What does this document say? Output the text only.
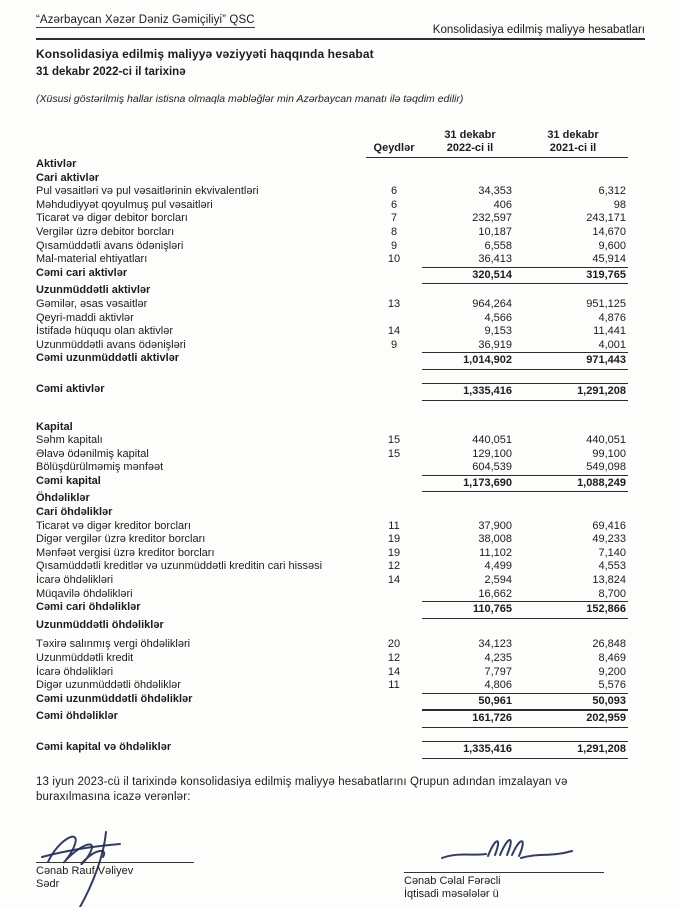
“Azərbaycan Xəzər Dəniz Gəmiçiliyi” QSC
Konsolidasiya edilmiş maliyyə hesabatları
Konsolidasiya edilmiş maliyyə vəziyyəti haqqında hesabat
31 dekabr 2022-ci il tarixinə
(Xüsusi göstərilmiş hallar istisna olmaqla məbləğlər min Azərbaycan manatı ilə təqdim edilir)
Qeydlər
31 dekabr 2022-ci il
31 dekabr 2021-ci il
Aktivlər
Cari aktivlər
Pul vəsaitləri və pul vəsaitlərinin ekvivalentləri	6	34,353	6,312
Məhdudiyyət qoyulmuş pul vəsaitləri	6	406	98
Ticarət və digər debitor borcları	7	232,597	243,171
Vergilər üzrə debitor borcları	8	10,187	14,670
Qısamüddətli avans ödənişləri	9	6,558	9,600
Mal-material ehtiyatları	10	36,413	45,914
Cəmi cari aktivlər	320,514	319,765
Uzunmüddətli aktivlər
Gəmilər, əsas vəsaitlər	13	964,264	951,125
Qeyri-maddi aktivlər	4,566	4,876
İstifadə hüququ olan aktivlər	14	9,153	11,441
Uzunmüddətli avans ödənişləri	9	36,919	4,001
Cəmi uzunmüddətli aktivlər	1,014,902	971,443
Cəmi aktivlər	1,335,416	1,291,208
Kapital
Səhm kapitalı	15	440,051	440,051
Əlavə ödənilmiş kapital	15	129,100	99,100
Bölüşdürülməmiş mənfəət	604,539	549,098
Cəmi kapital	1,173,690	1,088,249
Öhdəliklər
Cari öhdəliklər
Ticarət və digər kreditor borcları	11	37,900	69,416
Digər vergilər üzrə kreditor borcları	19	38,008	49,233
Mənfəət vergisi üzrə kreditor borcları	19	11,102	7,140
Qısamüddətli kreditlər və uzunmüddətli kreditin cari hissəsi	12	4,499	4,553
İcarə öhdəlikləri	14	2,594	13,824
Müqavilə öhdəlikləri	16,662	8,700
Cəmi cari öhdəliklər	110,765	152,866
Uzunmüddətli öhdəliklər
Təxirə salınmış vergi öhdəlikləri	20	34,123	26,848
Uzunmüddətli kredit	12	4,235	8,469
İcarə öhdəlikləri	14	7,797	9,200
Digər uzunmüddətli öhdəliklər	11	4,806	5,576
Cəmi uzunmüddətli öhdəliklər	50,961	50,093
Cəmi öhdəliklər	161,726	202,959
Cəmi kapital və öhdəliklər	1,335,416	1,291,208
13 iyun 2023-cü il tarixində konsolidasiya edilmiş maliyyə hesabatlarını Qrupun adından imzalayan və buraxılmasına icazə verənlər:
Cənab Rauf Vəliyev
Sədr	Cənab Cəlal Fərəcli
İqtisadi məsələlər ü
